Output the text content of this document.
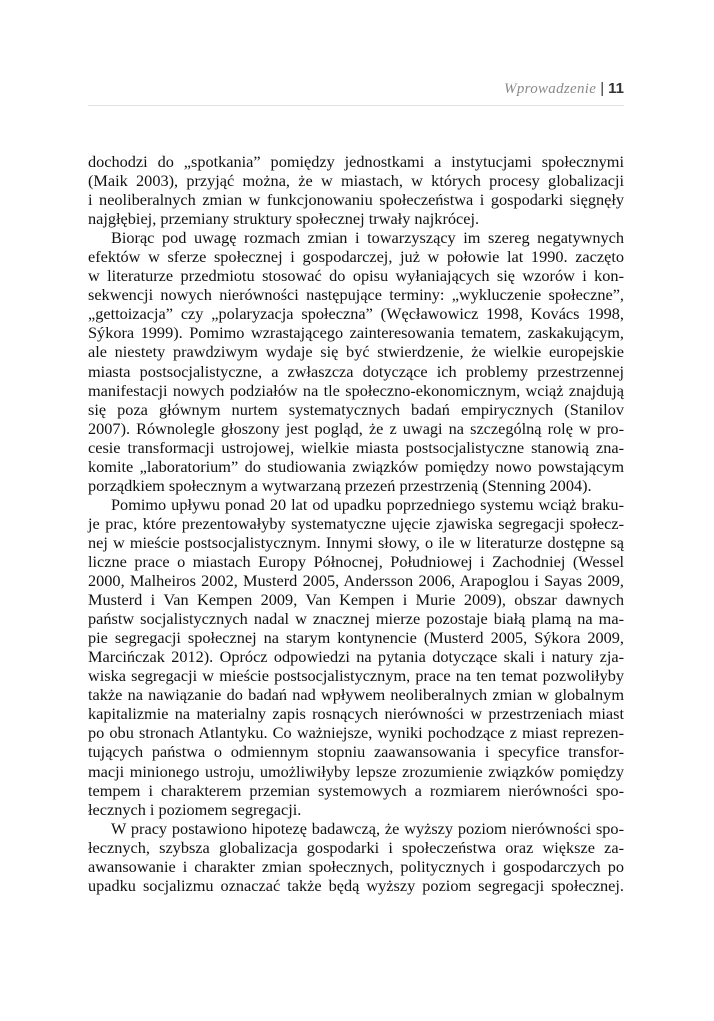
Wprowadzenie | 11
dochodzi do „spotkania” pomiędzy jednostkami a instytucjami społecznymi
(Maik 2003), przyjąć można, że w miastach, w których procesy globalizacji
i neoliberalnych zmian w funkcjonowaniu społeczeństwa i gospodarki sięgnęły
najgłębiej, przemiany struktury społecznej trwały najkrócej.
Biorąc pod uwagę rozmach zmian i towarzyszący im szereg negatywnych
efektów w sferze społecznej i gospodarczej, już w połowie lat 1990. zaczęto
w literaturze przedmiotu stosować do opisu wyłaniających się wzorów i kon-
sekwencji nowych nierówności następujące terminy: „wykluczenie społeczne”,
„gettoizacja” czy „polaryzacja społeczna” (Węcławowicz 1998, Kovács 1998,
Sýkora 1999). Pomimo wzrastającego zainteresowania tematem, zaskakującym,
ale niestety prawdziwym wydaje się być stwierdzenie, że wielkie europejskie
miasta postsocjalistyczne, a zwłaszcza dotyczące ich problemy przestrzennej
manifestacji nowych podziałów na tle społeczno-ekonomicznym, wciąż znajdują
się poza głównym nurtem systematycznych badań empirycznych (Stanilov
2007). Równolegle głoszony jest pogląd, że z uwagi na szczególną rolę w pro-
cesie transformacji ustrojowej, wielkie miasta postsocjalistyczne stanowią zna-
komite „laboratorium” do studiowania związków pomiędzy nowo powstającym
porządkiem społecznym a wytwarzaną przezeń przestrzenią (Stenning 2004).
Pomimo upływu ponad 20 lat od upadku poprzedniego systemu wciąż braku-
je prac, które prezentowałyby systematyczne ujęcie zjawiska segregacji społecz-
nej w mieście postsocjalistycznym. Innymi słowy, o ile w literaturze dostępne są
liczne prace o miastach Europy Północnej, Południowej i Zachodniej (Wessel
2000, Malheiros 2002, Musterd 2005, Andersson 2006, Arapoglou i Sayas 2009,
Musterd i Van Kempen 2009, Van Kempen i Murie 2009), obszar dawnych
państw socjalistycznych nadal w znacznej mierze pozostaje białą plamą na ma-
pie segregacji społecznej na starym kontynencie (Musterd 2005, Sýkora 2009,
Marcińczak 2012). Oprócz odpowiedzi na pytania dotyczące skali i natury zja-
wiska segregacji w mieście postsocjalistycznym, prace na ten temat pozwoliłyby
także na nawiązanie do badań nad wpływem neoliberalnych zmian w globalnym
kapitalizmie na materialny zapis rosnących nierówności w przestrzeniach miast
po obu stronach Atlantyku. Co ważniejsze, wyniki pochodzące z miast reprezen-
tujących państwa o odmiennym stopniu zaawansowania i specyfice transfor-
macji minionego ustroju, umożliwiłyby lepsze zrozumienie związków pomiędzy
tempem i charakterem przemian systemowych a rozmiarem nierówności spo-
łecznych i poziomem segregacji.
W pracy postawiono hipotezę badawczą, że wyższy poziom nierówności spo-
łecznych, szybsza globalizacja gospodarki i społeczeństwa oraz większe za-
awansowanie i charakter zmian społecznych, politycznych i gospodarczych po
upadku socjalizmu oznaczać także będą wyższy poziom segregacji społecznej.
